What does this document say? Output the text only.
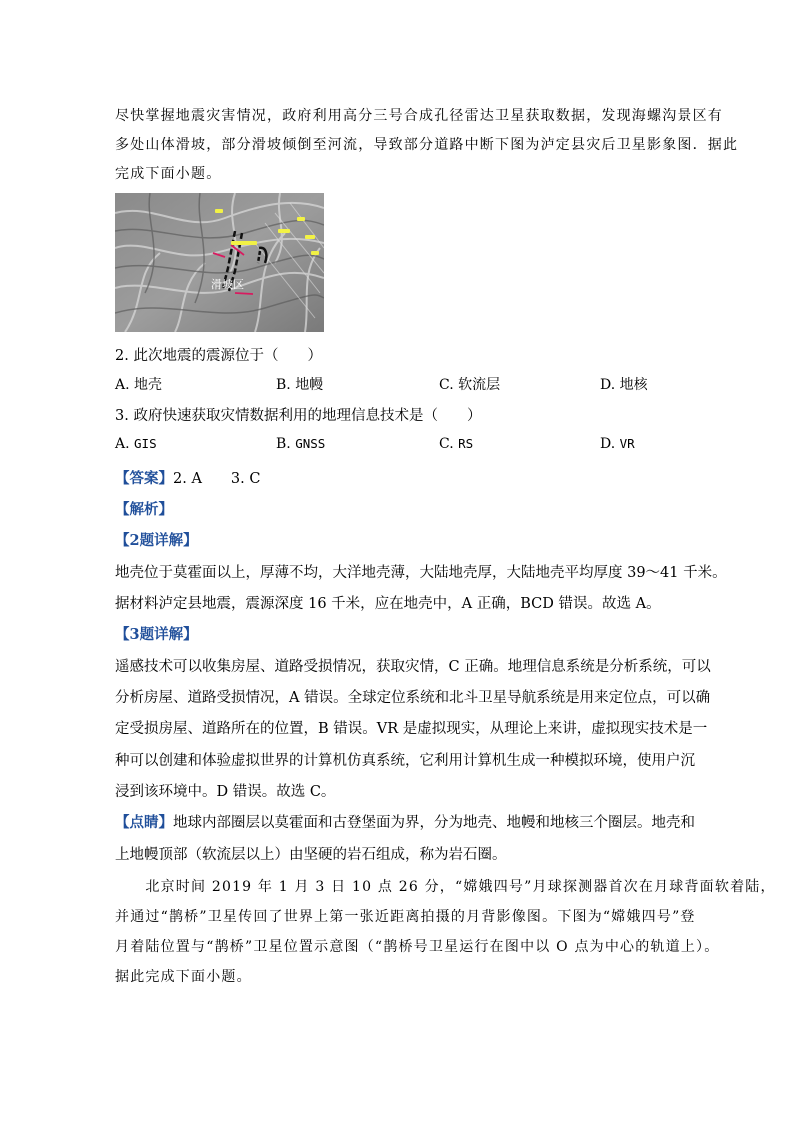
尽快掌握地震灾害情况，政府利用高分三号合成孔径雷达卫星获取数据，发现海螺沟景区有

多处山体滑坡，部分滑坡倾倒至河流，导致部分道路中断下图为泸定县灾后卫星影象图．据此

完成下面小题。

滑坡区

2. 此次地震的震源位于（　　）

A. 地壳	B. 地幔	C. 软流层	D. 地核

3. 政府快速获取灾情数据利用的地理信息技术是（　　）

A. GIS	B. GNSS	C. RS	D. VR

【答案】2. A　　3. C

【解析】

【2题详解】

地壳位于莫霍面以上，厚薄不均，大洋地壳薄，大陆地壳厚，大陆地壳平均厚度 39～41 千米。

据材料泸定县地震，震源深度 16 千米，应在地壳中，A 正确，BCD 错误。故选 A。

【3题详解】

遥感技术可以收集房屋、道路受损情况，获取灾情，C 正确。地理信息系统是分析系统，可以

分析房屋、道路受损情况，A 错误。全球定位系统和北斗卫星导航系统是用来定位点，可以确

定受损房屋、道路所在的位置，B 错误。VR 是虚拟现实，从理论上来讲，虚拟现实技术是一

种可以创建和体验虚拟世界的计算机仿真系统，它利用计算机生成一种模拟环境，使用户沉

浸到该环境中。D 错误。故选 C。

【点睛】地球内部圈层以莫霍面和古登堡面为界，分为地壳、地幔和地核三个圈层。地壳和

上地幔顶部（软流层以上）由坚硬的岩石组成，称为岩石圈。

　　北京时间 2019 年 1 月 3 日 10 点 26 分，“嫦娥四号”月球探测器首次在月球背面软着陆，

并通过“鹊桥”卫星传回了世界上第一张近距离拍摄的月背影像图。下图为“嫦娥四号”登

月着陆位置与“鹊桥”卫星位置示意图（“鹊桥号卫星运行在图中以 O 点为中心的轨道上）。

据此完成下面小题。
